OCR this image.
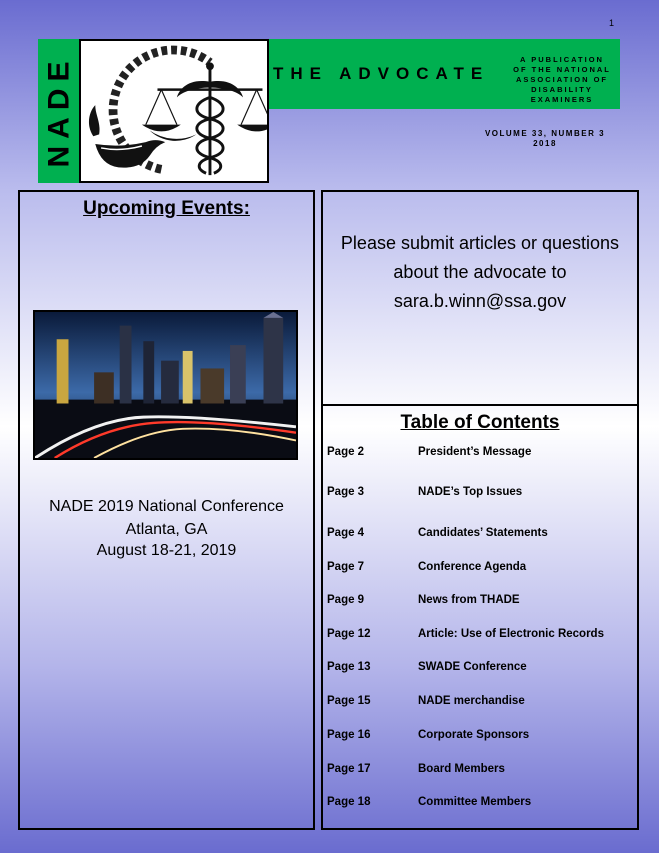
1
NADE	THE ADVOCATE
A PUBLICATION
OF THE NATIONAL
ASSOCIATION OF
DISABILITY
EXAMINERS
VOLUME 33, NUMBER 3
2018
Upcoming Events:
NADE 2019 National Conference
Atlanta, GA
August 18-21, 2019
Please submit articles or questions
about the advocate to
sara.b.winn@ssa.gov
Table of Contents
Page 2	President’s Message
Page 3	NADE’s Top Issues
Page 4	Candidates’ Statements
Page 7	Conference Agenda
Page 9	News from THADE
Page 12	Article: Use of Electronic Records
Page 13	SWADE Conference
Page 15	NADE merchandise
Page 16	Corporate Sponsors
Page 17	Board Members
Page 18	Committee Members
